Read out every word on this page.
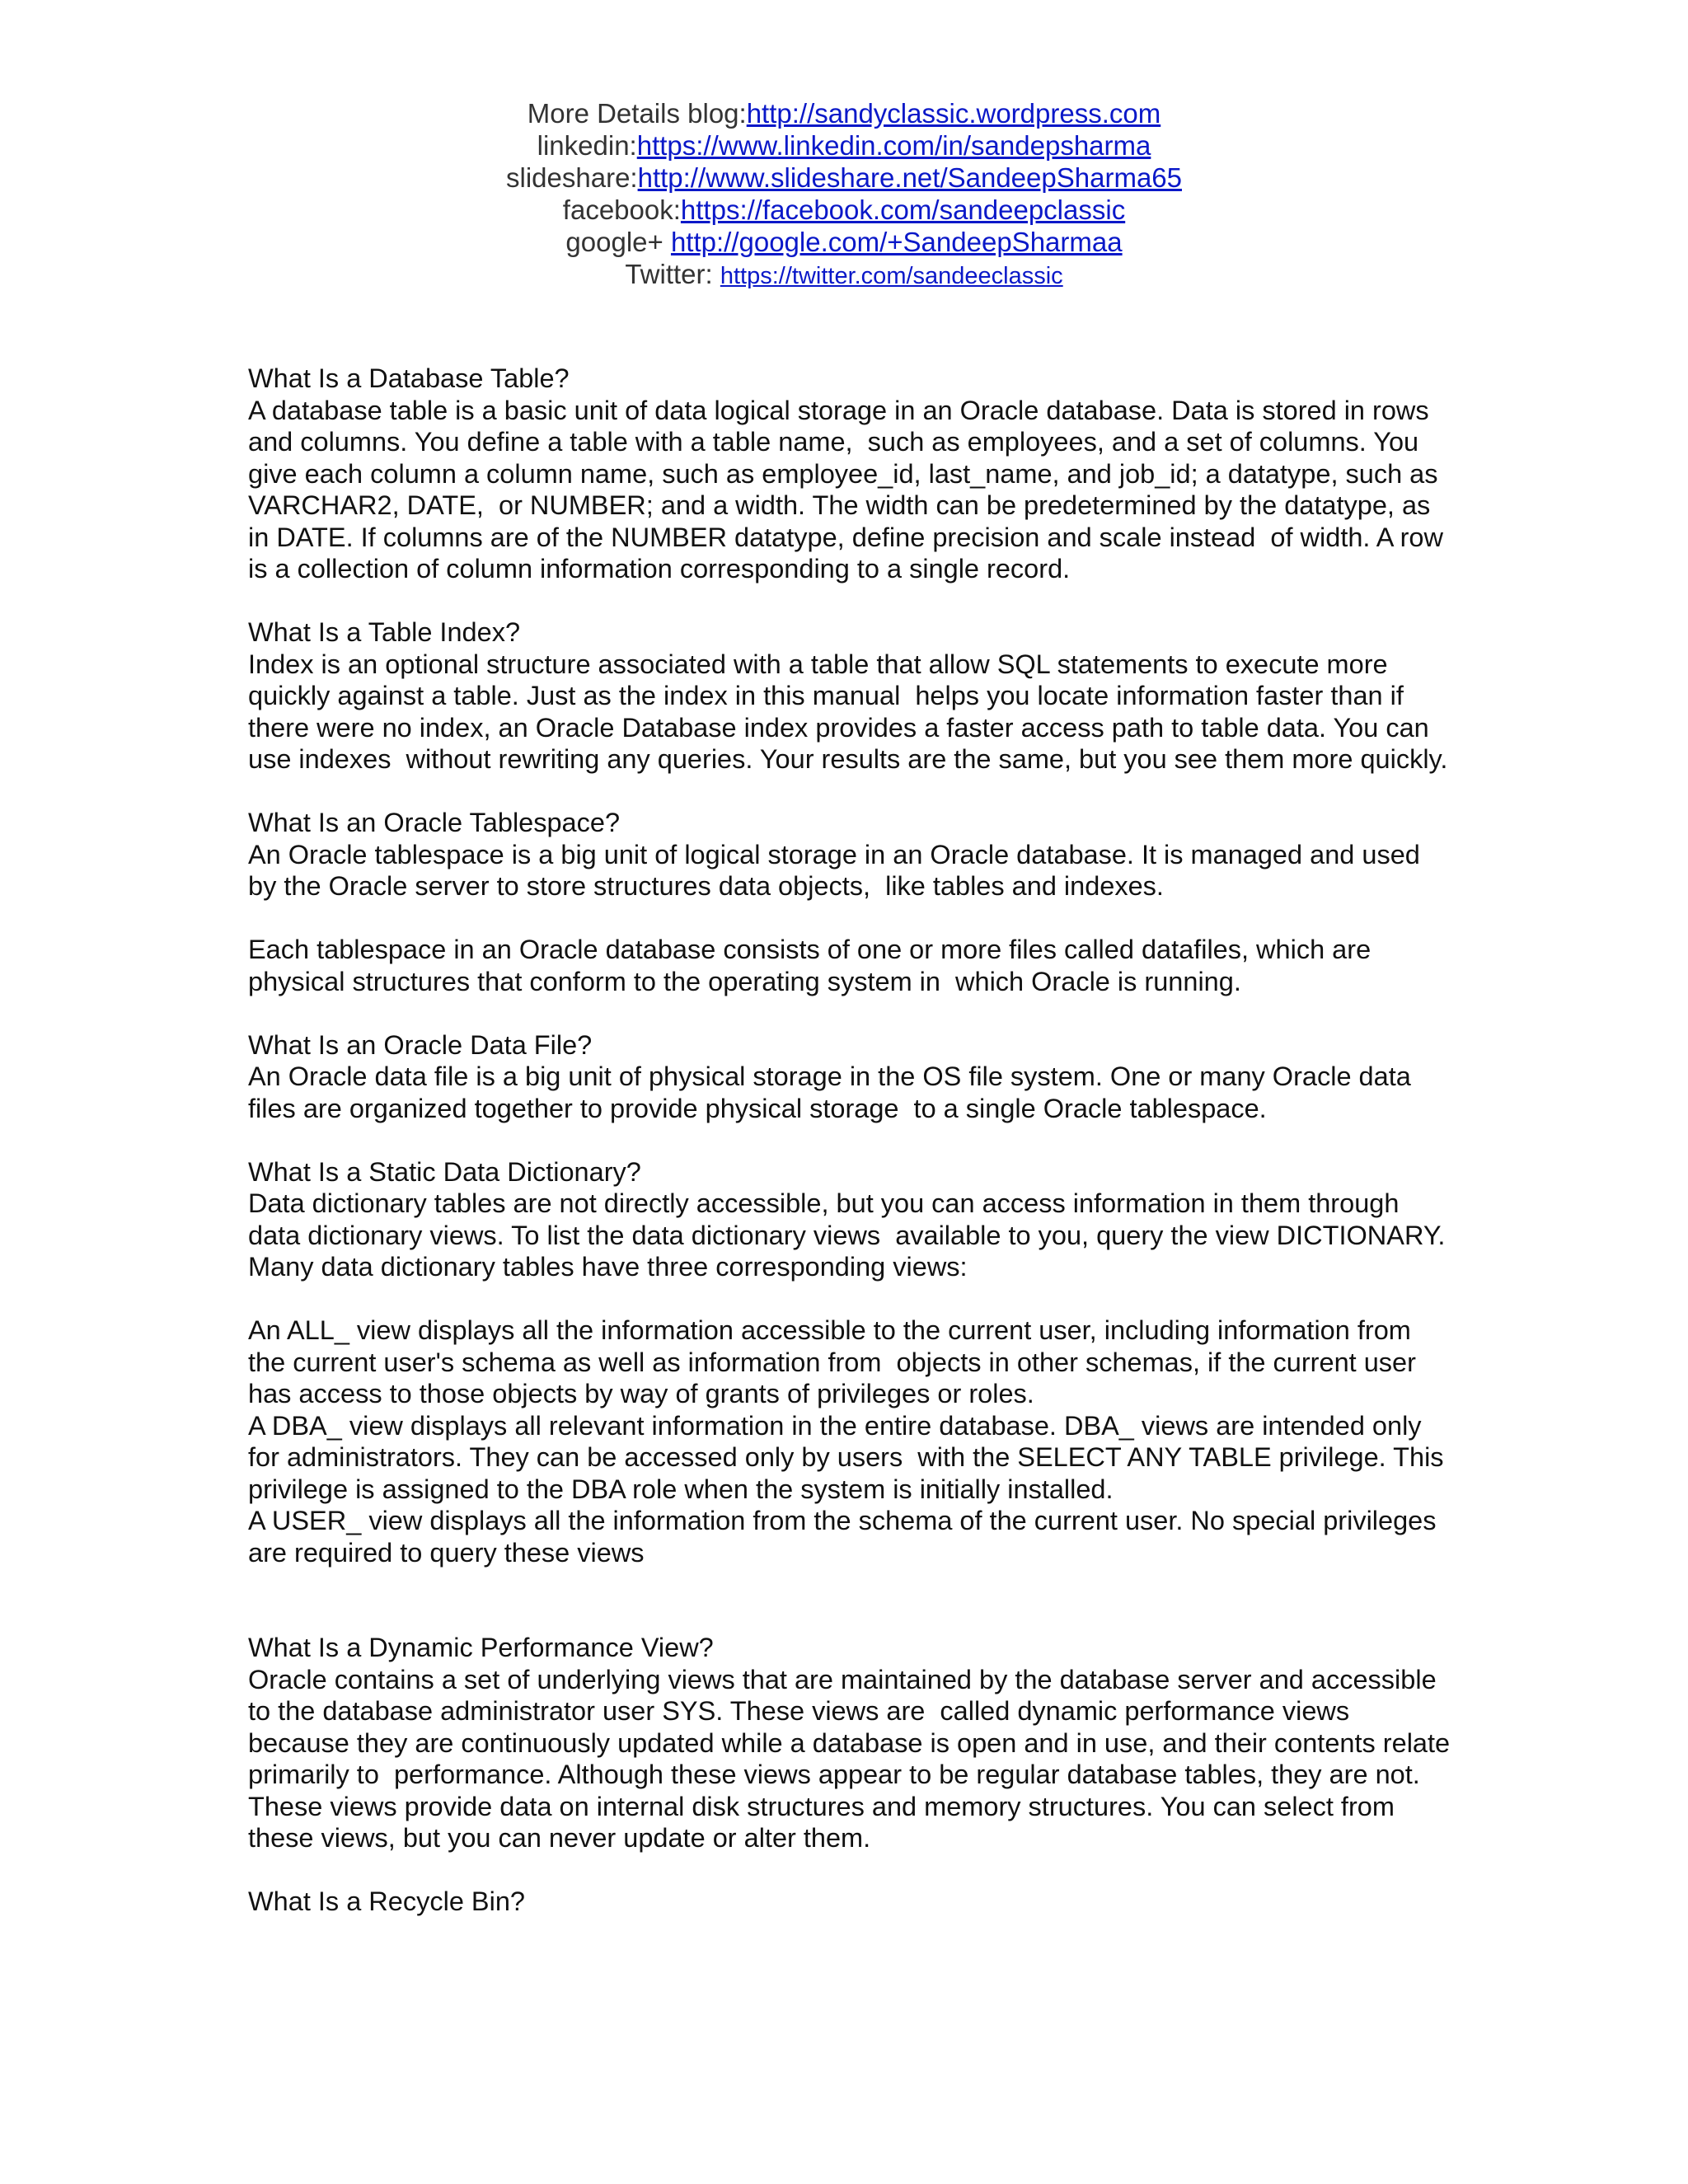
More Details blog:http://sandyclassic.wordpress.com
linkedin:https://www.linkedin.com/in/sandepsharma
slideshare:http://www.slideshare.net/SandeepSharma65
facebook:https://facebook.com/sandeepclassic
google+ http://google.com/+SandeepSharmaa
Twitter: https://twitter.com/sandeeclassic

What Is a Database Table?

A database table is a basic unit of data logical storage in an Oracle database. Data is stored in rows and columns. You define a table with a table name,  such as employees, and a set of columns. You give each column a column name, such as employee_id, last_name, and job_id; a datatype, such as VARCHAR2, DATE,  or NUMBER; and a width. The width can be predetermined by the datatype, as in DATE. If columns are of the NUMBER datatype, define precision and scale instead  of width. A row is a collection of column information corresponding to a single record.

What Is a Table Index?

Index is an optional structure associated with a table that allow SQL statements to execute more quickly against a table. Just as the index in this manual  helps you locate information faster than if there were no index, an Oracle Database index provides a faster access path to table data. You can use indexes  without rewriting any queries. Your results are the same, but you see them more quickly.

What Is an Oracle Tablespace?

An Oracle tablespace is a big unit of logical storage in an Oracle database. It is managed and used by the Oracle server to store structures data objects,  like tables and indexes.

Each tablespace in an Oracle database consists of one or more files called datafiles, which are physical structures that conform to the operating system in  which Oracle is running.

What Is an Oracle Data File?

An Oracle data file is a big unit of physical storage in the OS file system. One or many Oracle data files are organized together to provide physical storage  to a single Oracle tablespace.

What Is a Static Data Dictionary?

Data dictionary tables are not directly accessible, but you can access information in them through data dictionary views. To list the data dictionary views  available to you, query the view DICTIONARY. Many data dictionary tables have three corresponding views:

An ALL_ view displays all the information accessible to the current user, including information from the current user's schema as well as information from  objects in other schemas, if the current user has access to those objects by way of grants of privileges or roles.

A DBA_ view displays all relevant information in the entire database. DBA_ views are intended only for administrators. They can be accessed only by users  with the SELECT ANY TABLE privilege. This privilege is assigned to the DBA role when the system is initially installed.

A USER_ view displays all the information from the schema of the current user. No special privileges are required to query these views

What Is a Dynamic Performance View?

Oracle contains a set of underlying views that are maintained by the database server and accessible to the database administrator user SYS. These views are  called dynamic performance views because they are continuously updated while a database is open and in use, and their contents relate primarily to  performance. Although these views appear to be regular database tables, they are not. These views provide data on internal disk structures and memory structures. You can select from these views, but you can never update or alter them.

What Is a Recycle Bin?
